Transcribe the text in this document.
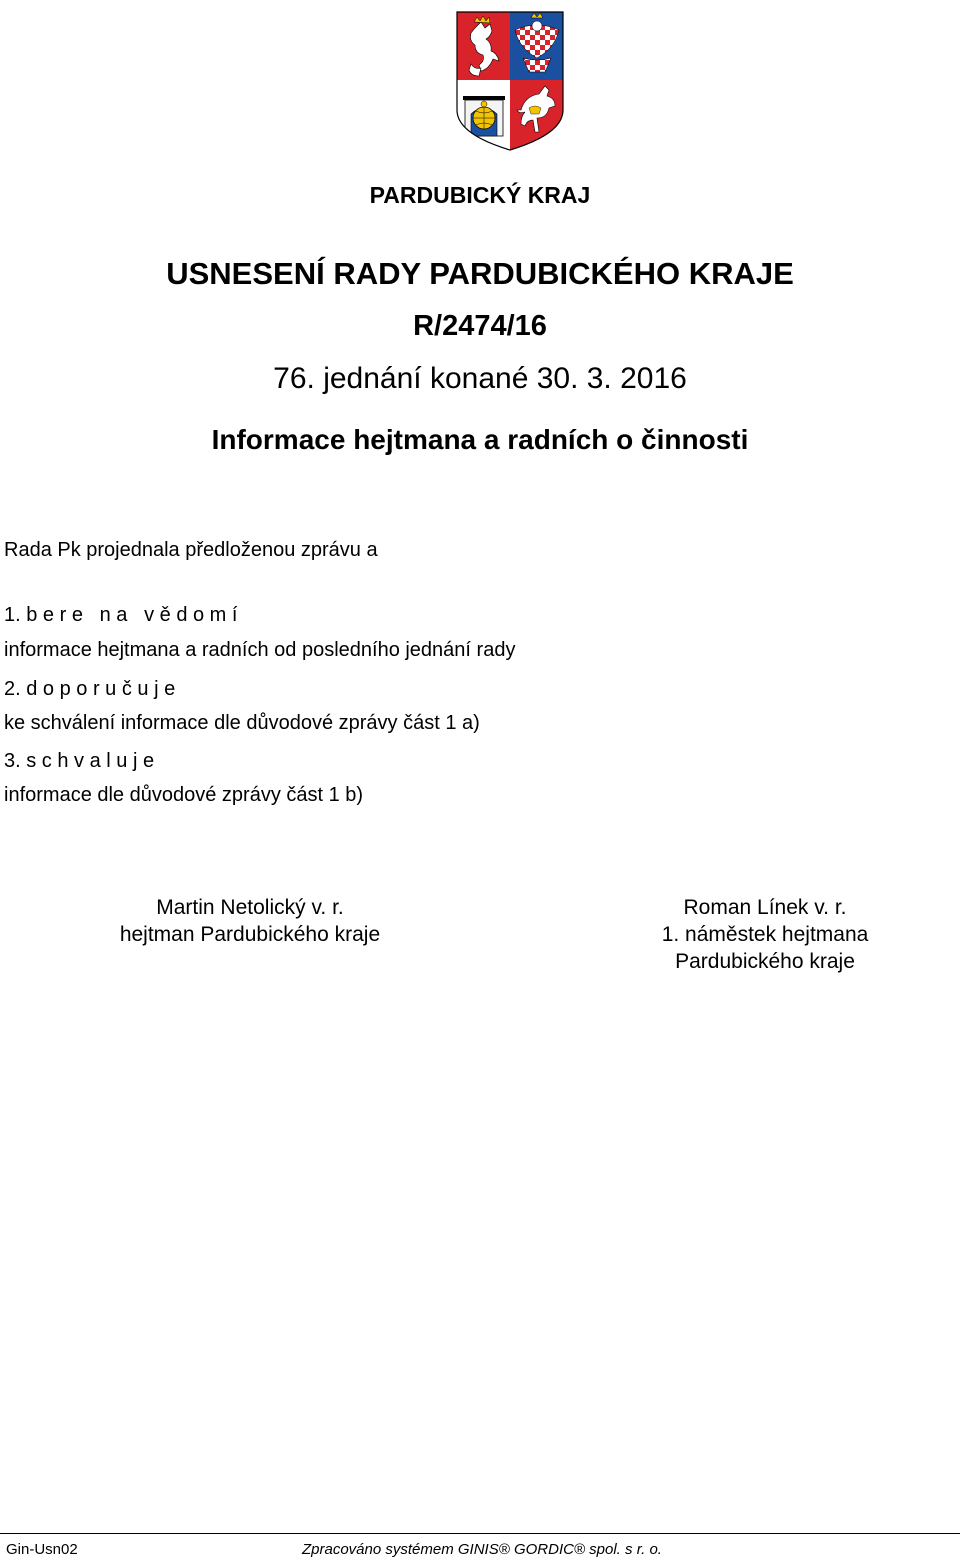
PARDUBICKÝ KRAJ
USNESENÍ RADY PARDUBICKÉHO KRAJE
R/2474/16
76. jednání konané 30. 3. 2016
Informace hejtmana a radních o činnosti
Rada Pk projednala předloženou zprávu a
1. b e r e   n a   v ě d o m í
informace hejtmana a radních od posledního jednání rady
2. d o p o r u č u j e
ke schválení informace dle důvodové zprávy část 1 a)
3. s c h v a l u j e
informace dle důvodové zprávy část 1 b)
Martin Netolický v. r.
hejtman Pardubického kraje
Roman Línek v. r.
1. náměstek hejtmana
Pardubického kraje
Gin-Usn02	Zpracováno systémem GINIS® GORDIC® spol. s r. o.
